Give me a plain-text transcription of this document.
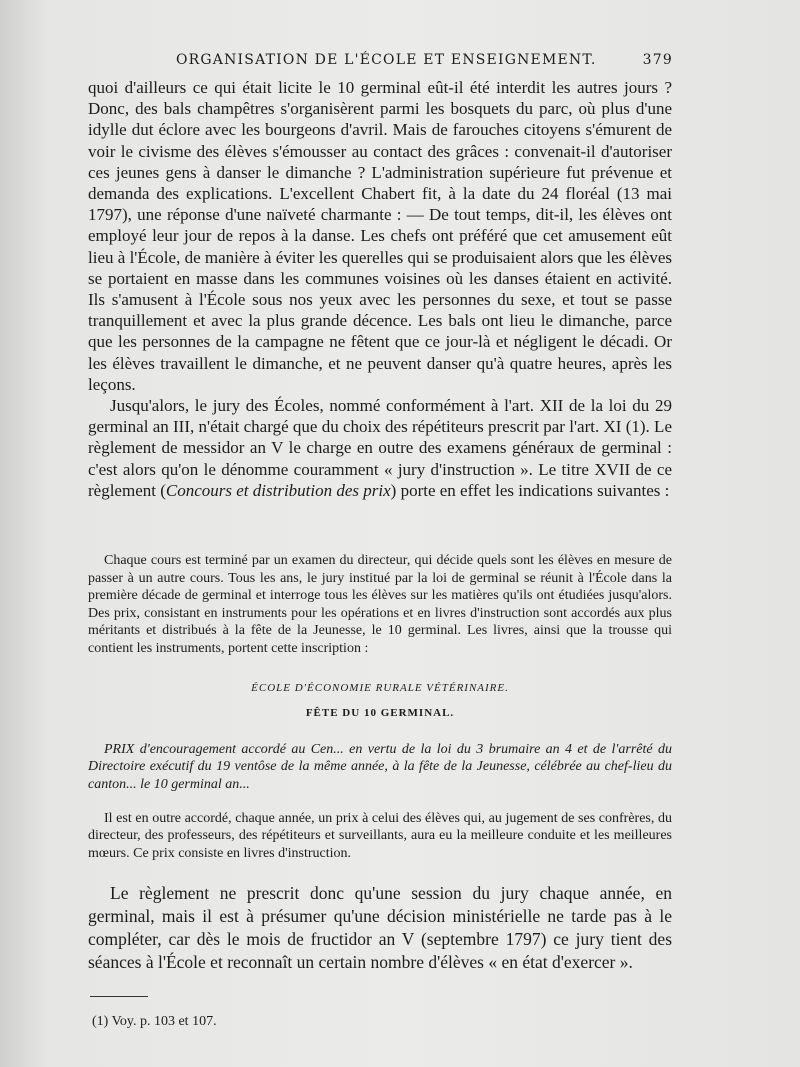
ORGANISATION DE L'ÉCOLE ET ENSEIGNEMENT.	379

quoi d'ailleurs ce qui était licite le 10 germinal eût-il été interdit les autres jours ? Donc, des bals champêtres s'organisèrent parmi les bosquets du parc, où plus d'une idylle dut éclore avec les bourgeons d'avril. Mais de farouches citoyens s'émurent de voir le civisme des élèves s'émousser au contact des grâces : convenait-il d'autoriser ces jeunes gens à danser le dimanche ? L'administration supérieure fut prévenue et demanda des explications. L'excellent Chabert fit, à la date du 24 floréal (13 mai 1797), une réponse d'une naïveté charmante : — De tout temps, dit-il, les élèves ont employé leur jour de repos à la danse. Les chefs ont préféré que cet amusement eût lieu à l'École, de manière à éviter les querelles qui se produisaient alors que les élèves se portaient en masse dans les communes voisines où les danses étaient en activité. Ils s'amusent à l'École sous nos yeux avec les personnes du sexe, et tout se passe tranquillement et avec la plus grande décence. Les bals ont lieu le dimanche, parce que les personnes de la campagne ne fêtent que ce jour-là et négligent le décadi. Or les élèves travaillent le dimanche, et ne peuvent danser qu'à quatre heures, après les leçons.

Jusqu'alors, le jury des Écoles, nommé conformément à l'art. XII de la loi du 29 germinal an III, n'était chargé que du choix des répétiteurs prescrit par l'art. XI (1). Le règlement de messidor an V le charge en outre des examens généraux de germinal : c'est alors qu'on le dénomme couramment « jury d'instruction ». Le titre XVII de ce règlement (Concours et distribution des prix) porte en effet les indications suivantes :

Chaque cours est terminé par un examen du directeur, qui décide quels sont les élèves en mesure de passer à un autre cours. Tous les ans, le jury institué par la loi de germinal se réunit à l'École dans la première décade de germinal et interroge tous les élèves sur les matières qu'ils ont étudiées jusqu'alors. Des prix, consistant en instruments pour les opérations et en livres d'instruction sont accordés aux plus méritants et distribués à la fête de la Jeunesse, le 10 germinal. Les livres, ainsi que la trousse qui contient les instruments, portent cette inscription :

ÉCOLE D'ÉCONOMIE RURALE VÉTÉRINAIRE.

FÊTE DU 10 GERMINAL.

PRIX d'encouragement accordé au Cen... en vertu de la loi du 3 brumaire an 4 et de l'arrêté du Directoire exécutif du 19 ventôse de la même année, à la fête de la Jeunesse, célébrée au chef-lieu du canton... le 10 germinal an...

Il est en outre accordé, chaque année, un prix à celui des élèves qui, au jugement de ses confrères, du directeur, des professeurs, des répétiteurs et surveillants, aura eu la meilleure conduite et les meilleures mœurs. Ce prix consiste en livres d'instruction.

Le règlement ne prescrit donc qu'une session du jury chaque année, en germinal, mais il est à présumer qu'une décision ministérielle ne tarde pas à le compléter, car dès le mois de fructidor an V (septembre 1797) ce jury tient des séances à l'École et reconnaît un certain nombre d'élèves « en état d'exercer ».

(1) Voy. p. 103 et 107.
